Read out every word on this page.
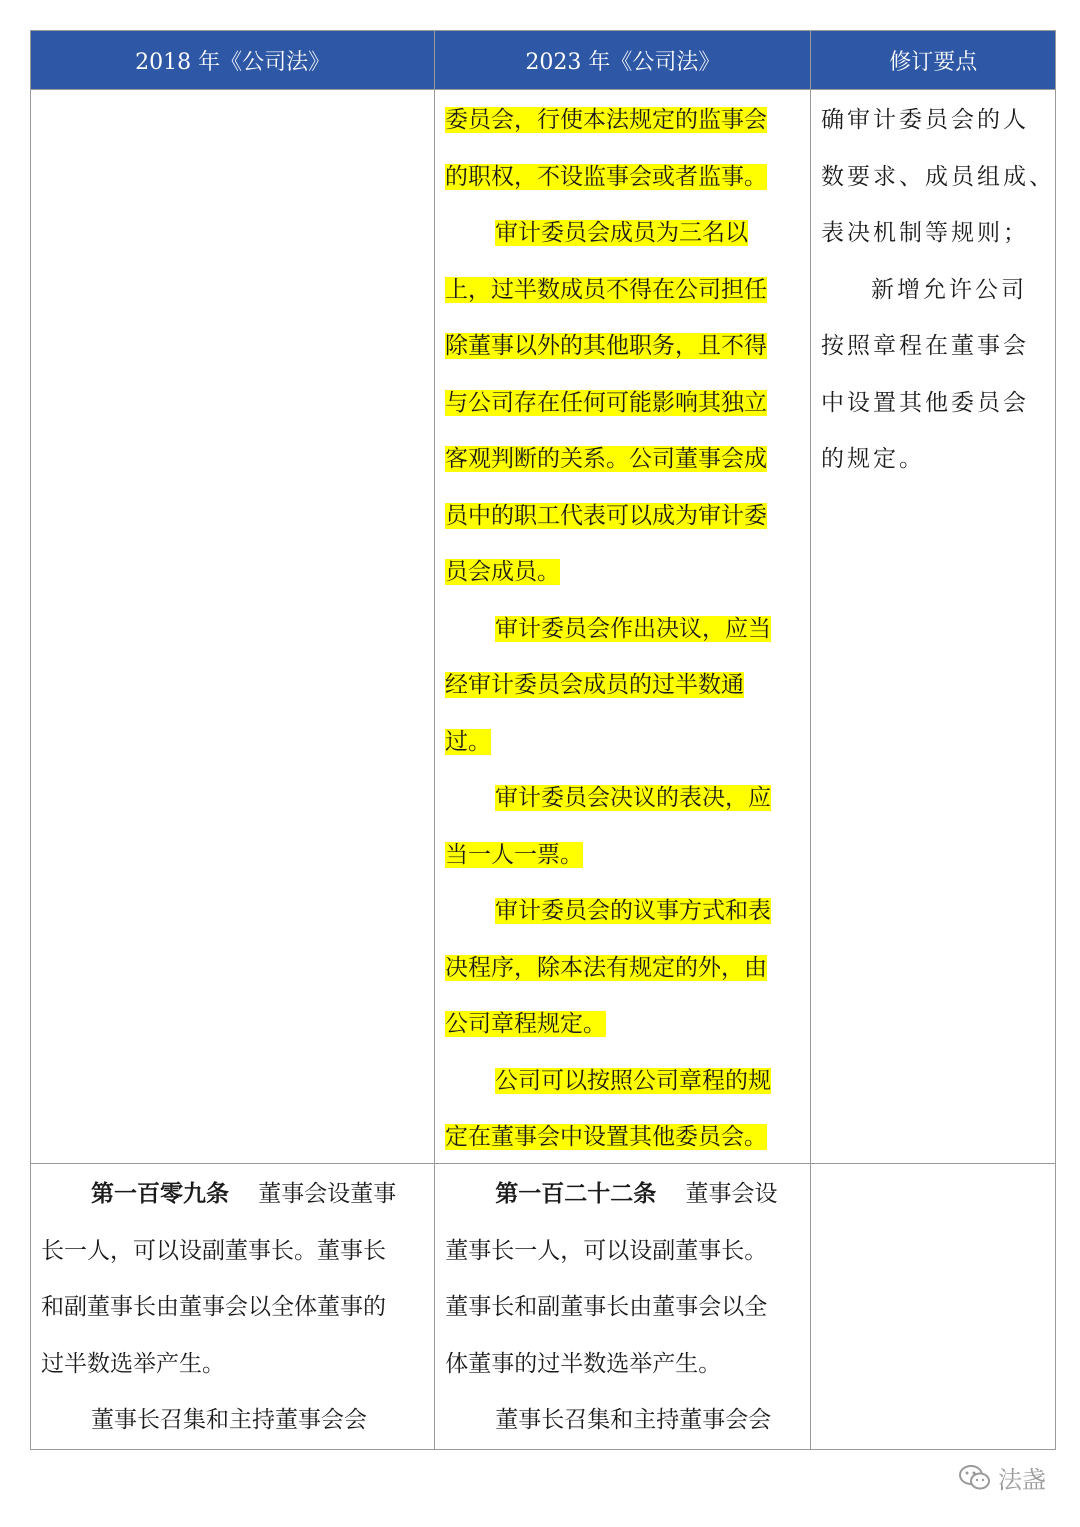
2018 年《公司法》	2023 年《公司法》	修订要点
委员会，行使本法规定的监事会
的职权，不设监事会或者监事。
审计委员会成员为三名以
上，过半数成员不得在公司担任
除董事以外的其他职务，且不得
与公司存在任何可能影响其独立
客观判断的关系。公司董事会成
员中的职工代表可以成为审计委
员会成员。
审计委员会作出决议，应当
经审计委员会成员的过半数通
过。
审计委员会决议的表决，应
当一人一票。
审计委员会的议事方式和表
决程序，除本法有规定的外，由
公司章程规定。
公司可以按照公司章程的规
定在董事会中设置其他委员会。
确审计委员会的人
数要求、成员组成、
表决机制等规则；
新增允许公司
按照章程在董事会
中设置其他委员会
的规定。
第一百零九条 董事会设董事
长一人，可以设副董事长。董事长
和副董事长由董事会以全体董事的
过半数选举产生。
董事长召集和主持董事会会
第一百二十二条 董事会设
董事长一人，可以设副董事长。
董事长和副董事长由董事会以全
体董事的过半数选举产生。
董事长召集和主持董事会会
法盏
